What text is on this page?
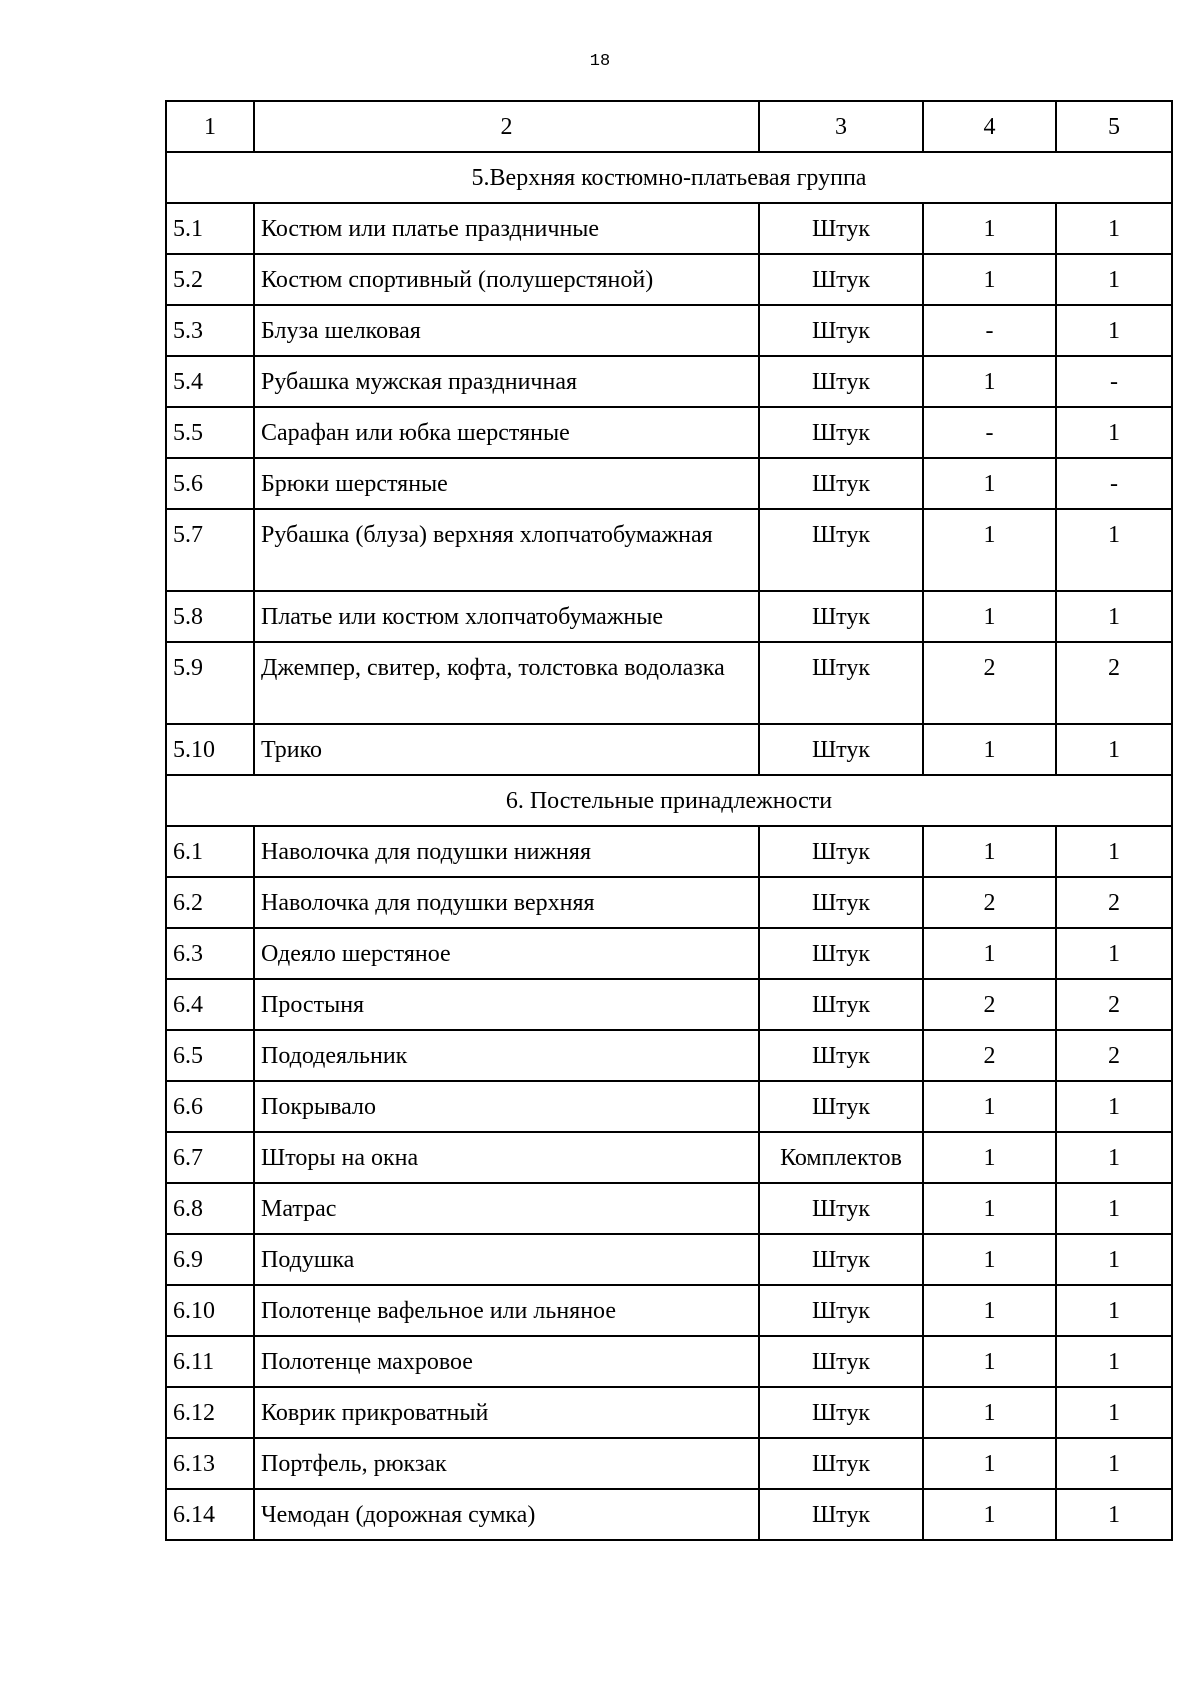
18
1	2	3	4	5
5.Верхняя костюмно-платьевая группа				
5.1	Костюм или платье праздничные	Штук	1	1
5.2	Костюм спортивный (полушерстяной)	Штук	1	1
5.3	Блуза шелковая	Штук	-	1
5.4	Рубашка мужская праздничная	Штук	1	-
5.5	Сарафан или юбка шерстяные	Штук	-	1
5.6	Брюки шерстяные	Штук	1	-
5.7	Рубашка (блуза) верхняя хлопчатобумажная	Штук	1	1
5.8	Платье или костюм хлопчатобумажные	Штук	1	1
5.9	Джемпер, свитер, кофта, толстовка водолазка	Штук	2	2
5.10	Трико	Штук	1	1
6. Постельные принадлежности				
6.1	Наволочка для подушки нижняя	Штук	1	1
6.2	Наволочка для подушки верхняя	Штук	2	2
6.3	Одеяло шерстяное	Штук	1	1
6.4	Простыня	Штук	2	2
6.5	Пододеяльник	Штук	2	2
6.6	Покрывало	Штук	1	1
6.7	Шторы на окна	Комплектов	1	1
6.8	Матрас	Штук	1	1
6.9	Подушка	Штук	1	1
6.10	Полотенце вафельное или льняное	Штук	1	1
6.11	Полотенце махровое	Штук	1	1
6.12	Коврик прикроватный	Штук	1	1
6.13	Портфель, рюкзак	Штук	1	1
6.14	Чемодан (дорожная сумка)	Штук	1	1
